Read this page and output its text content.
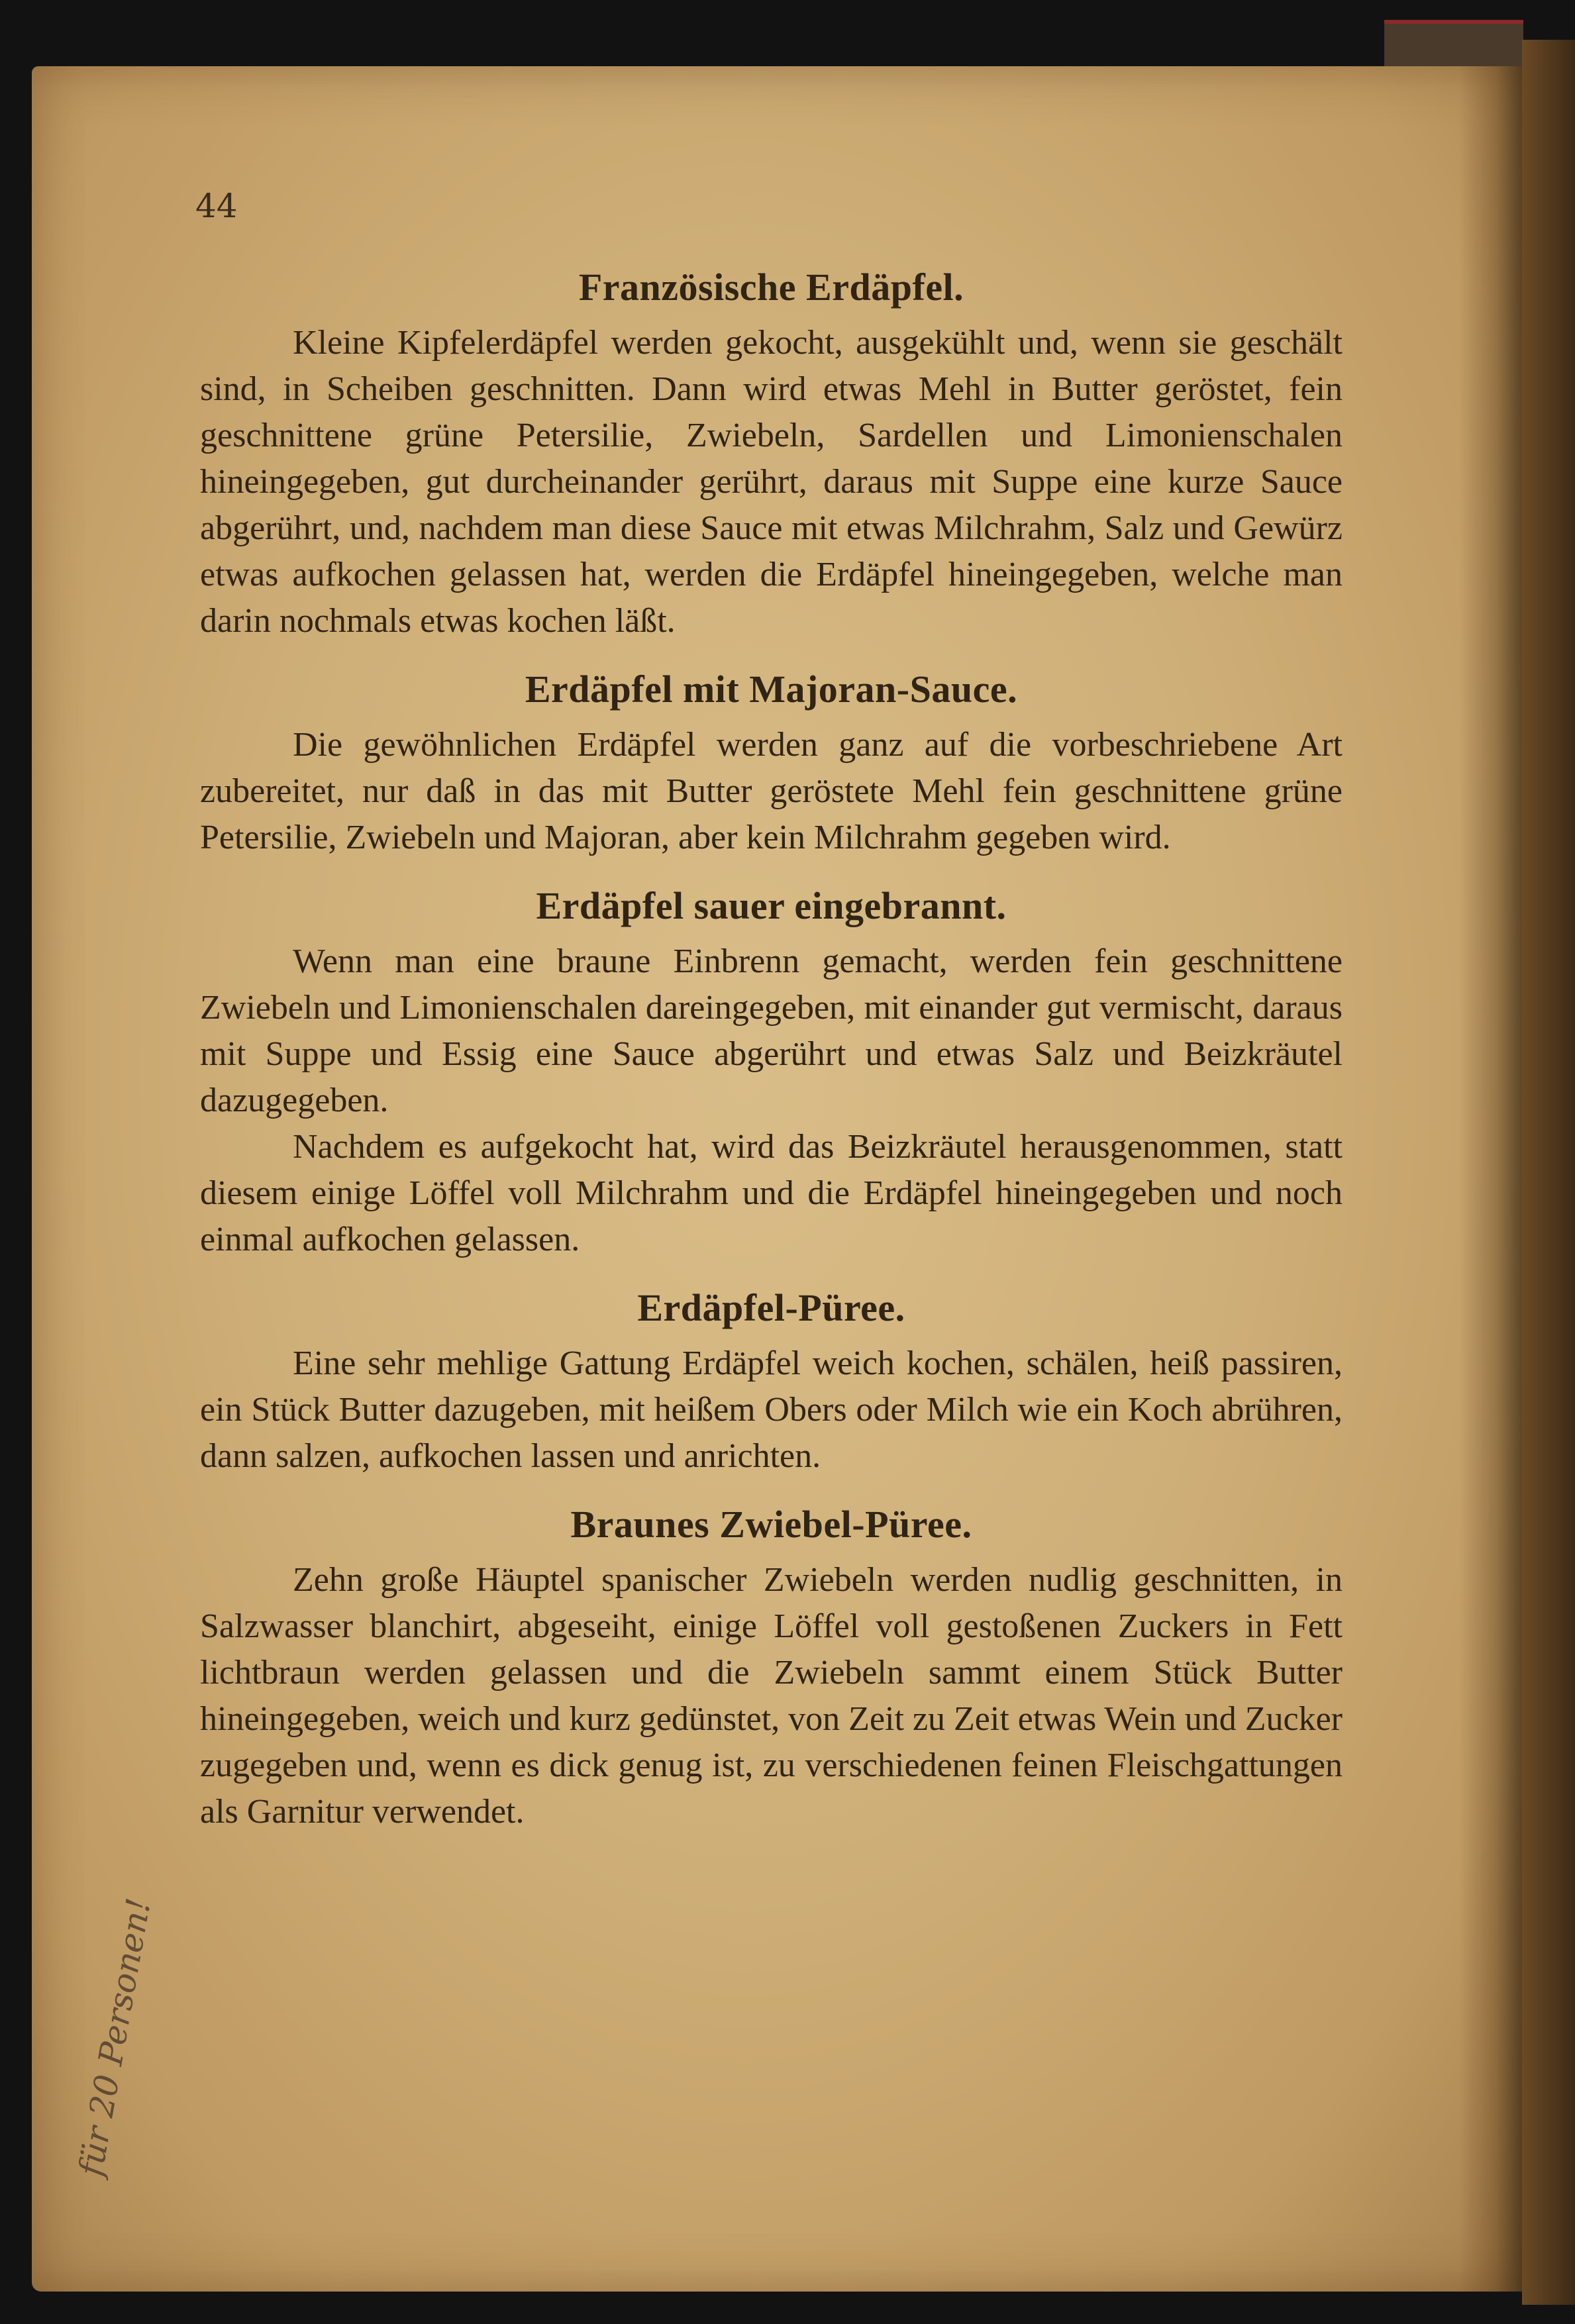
44
Französische Erdäpfel.

Kleine Kipfelerdäpfel werden gekocht, ausgekühlt und, wenn sie geschält sind, in Scheiben geschnitten. Dann wird etwas Mehl in Butter geröstet, fein geschnittene grüne Petersilie, Zwiebeln, Sardellen und Limonienschalen hineingegeben, gut durcheinander gerührt, daraus mit Suppe eine kurze Sauce abgerührt, und, nachdem man diese Sauce mit etwas Milchrahm, Salz und Gewürz etwas aufkochen gelassen hat, werden die Erdäpfel hineingegeben, welche man darin nochmals etwas kochen läßt.

Erdäpfel mit Majoran-Sauce.

Die gewöhnlichen Erdäpfel werden ganz auf die vorbeschriebene Art zubereitet, nur daß in das mit Butter geröstete Mehl fein geschnittene grüne Petersilie, Zwiebeln und Majoran, aber kein Milchrahm gegeben wird.

Erdäpfel sauer eingebrannt.

Wenn man eine braune Einbrenn gemacht, werden fein geschnittene Zwiebeln und Limonienschalen dareingegeben, mit einander gut vermischt, daraus mit Suppe und Essig eine Sauce abgerührt und etwas Salz und Beizkräutel dazugegeben.

Nachdem es aufgekocht hat, wird das Beizkräutel herausgenommen, statt diesem einige Löffel voll Milchrahm und die Erdäpfel hineingegeben und noch einmal aufkochen gelassen.

Erdäpfel-Püree.

Eine sehr mehlige Gattung Erdäpfel weich kochen, schälen, heiß passiren, ein Stück Butter dazugeben, mit heißem Obers oder Milch wie ein Koch abrühren, dann salzen, aufkochen lassen und anrichten.

Braunes Zwiebel-Püree.

Zehn große Häuptel spanischer Zwiebeln werden nudlig geschnitten, in Salzwasser blanchirt, abgeseiht, einige Löffel voll gestoßenen Zuckers in Fett lichtbraun werden gelassen und die Zwiebeln sammt einem Stück Butter hineingegeben, weich und kurz gedünstet, von Zeit zu Zeit etwas Wein und Zucker zugegeben und, wenn es dick genug ist, zu verschiedenen feinen Fleischgattungen als Garnitur verwendet.

für 20 Personen!
